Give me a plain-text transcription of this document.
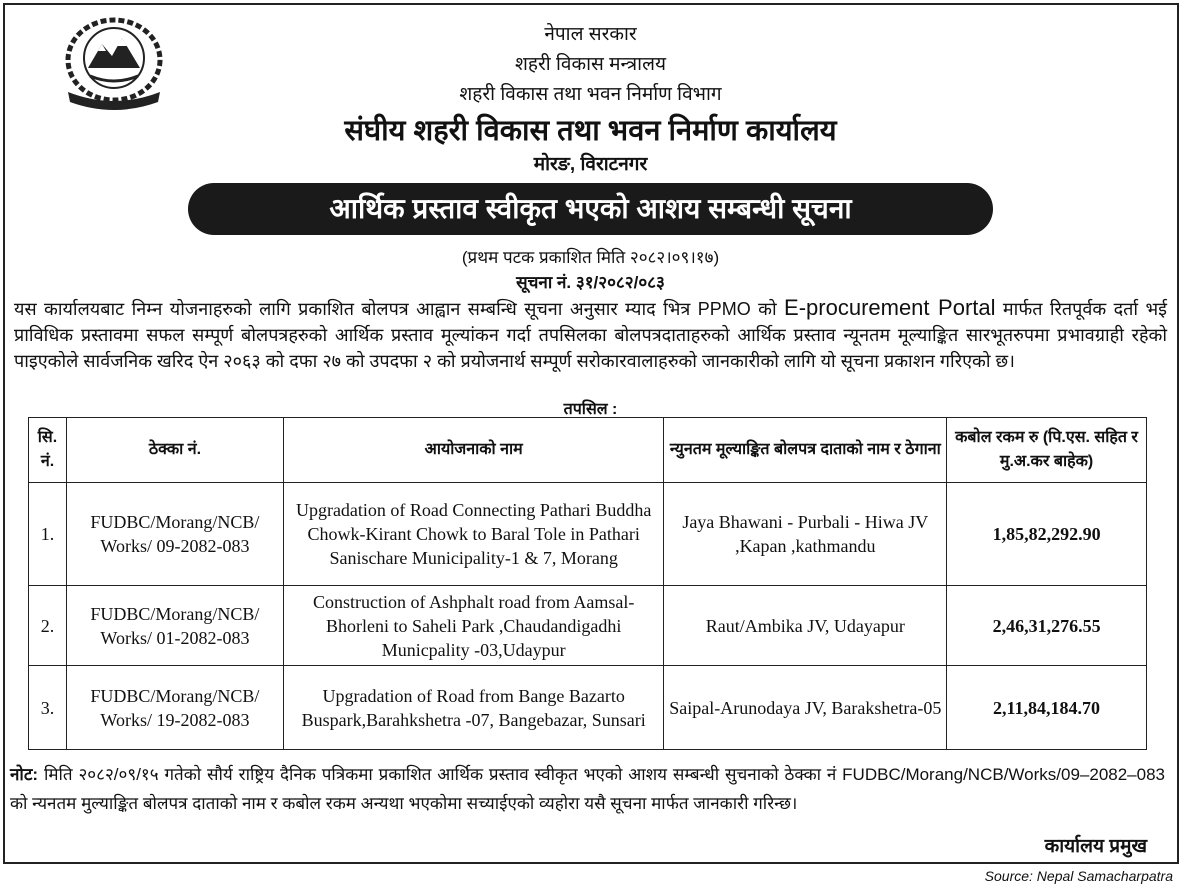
नेपाल सरकार
शहरी विकास मन्त्रालय
शहरी विकास तथा भवन निर्माण विभाग
संघीय शहरी विकास तथा भवन निर्माण कार्यालय
मोरङ, विराटनगर
आर्थिक प्रस्ताव स्वीकृत भएको आशय सम्बन्धी सूचना
(प्रथम पटक प्रकाशित मिति २०८२।०९।१७)
सूचना नं. ३१/२०८२/०८३
यस कार्यालयबाट निम्न योजनाहरुको लागि प्रकाशित बोलपत्र आह्वान सम्बन्धि सूचना अनुसार म्याद भित्र PPMO को E-procurement Portal मार्फत रितपूर्वक दर्ता भई प्राविधिक प्रस्तावमा सफल सम्पूर्ण बोलपत्रहरुको आर्थिक प्रस्ताव मूल्यांकन गर्दा तपसिलका बोलपत्रदाताहरुको आर्थिक प्रस्ताव न्यूनतम मूल्याङ्कित सारभूतरुपमा प्रभावग्राही रहेको पाइएकोले सार्वजनिक खरिद ऐन २०६३ को दफा २७ को उपदफा २ को प्रयोजनार्थ सम्पूर्ण सरोकारवालाहरुको जानकारीको लागि यो सूचना प्रकाशन गरिएको छ।
तपसिल :
सि. नं.	ठेक्का नं.	आयोजनाको नाम	न्युनतम मूल्याङ्कित बोलपत्र दाताको नाम र ठेगाना	कबोल रकम रु (पि.एस. सहित र मु.अ.कर बाहेक)
1.	FUDBC/Morang/NCB/ Works/ 09-2082-083	Upgradation of Road Connecting Pathari Buddha Chowk-Kirant Chowk to Baral Tole in Pathari Sanischare Municipality-1 & 7, Morang	Jaya Bhawani - Purbali - Hiwa JV ,Kapan ,kathmandu	1,85,82,292.90
2.	FUDBC/Morang/NCB/ Works/ 01-2082-083	Construction of Ashphalt road from Aamsal-Bhorleni to Saheli Park ,Chaudandigadhi Municpality -03,Udaypur	Raut/Ambika JV, Udayapur	2,46,31,276.55
3.	FUDBC/Morang/NCB/ Works/ 19-2082-083	Upgradation of Road from Bange Bazarto Buspark,Barahkshetra -07, Bangebazar, Sunsari	Saipal-Arunodaya JV, Barakshetra-05	2,11,84,184.70
नोट: मिति २०८२/०९/१५ गतेको सौर्य राष्ट्रिय दैनिक पत्रिकमा प्रकाशित आर्थिक प्रस्ताव स्वीकृत भएको आशय सम्बन्धी सुचनाको ठेक्का नं FUDBC/Morang/NCB/Works/09–2082–083 को न्यनतम मुल्याङ्कित बोलपत्र दाताको नाम र कबोल रकम अन्यथा भएकोमा सच्याईएको व्यहोरा यसै सूचना मार्फत जानकारी गरिन्छ।
कार्यालय प्रमुख
Source: Nepal Samacharpatra
